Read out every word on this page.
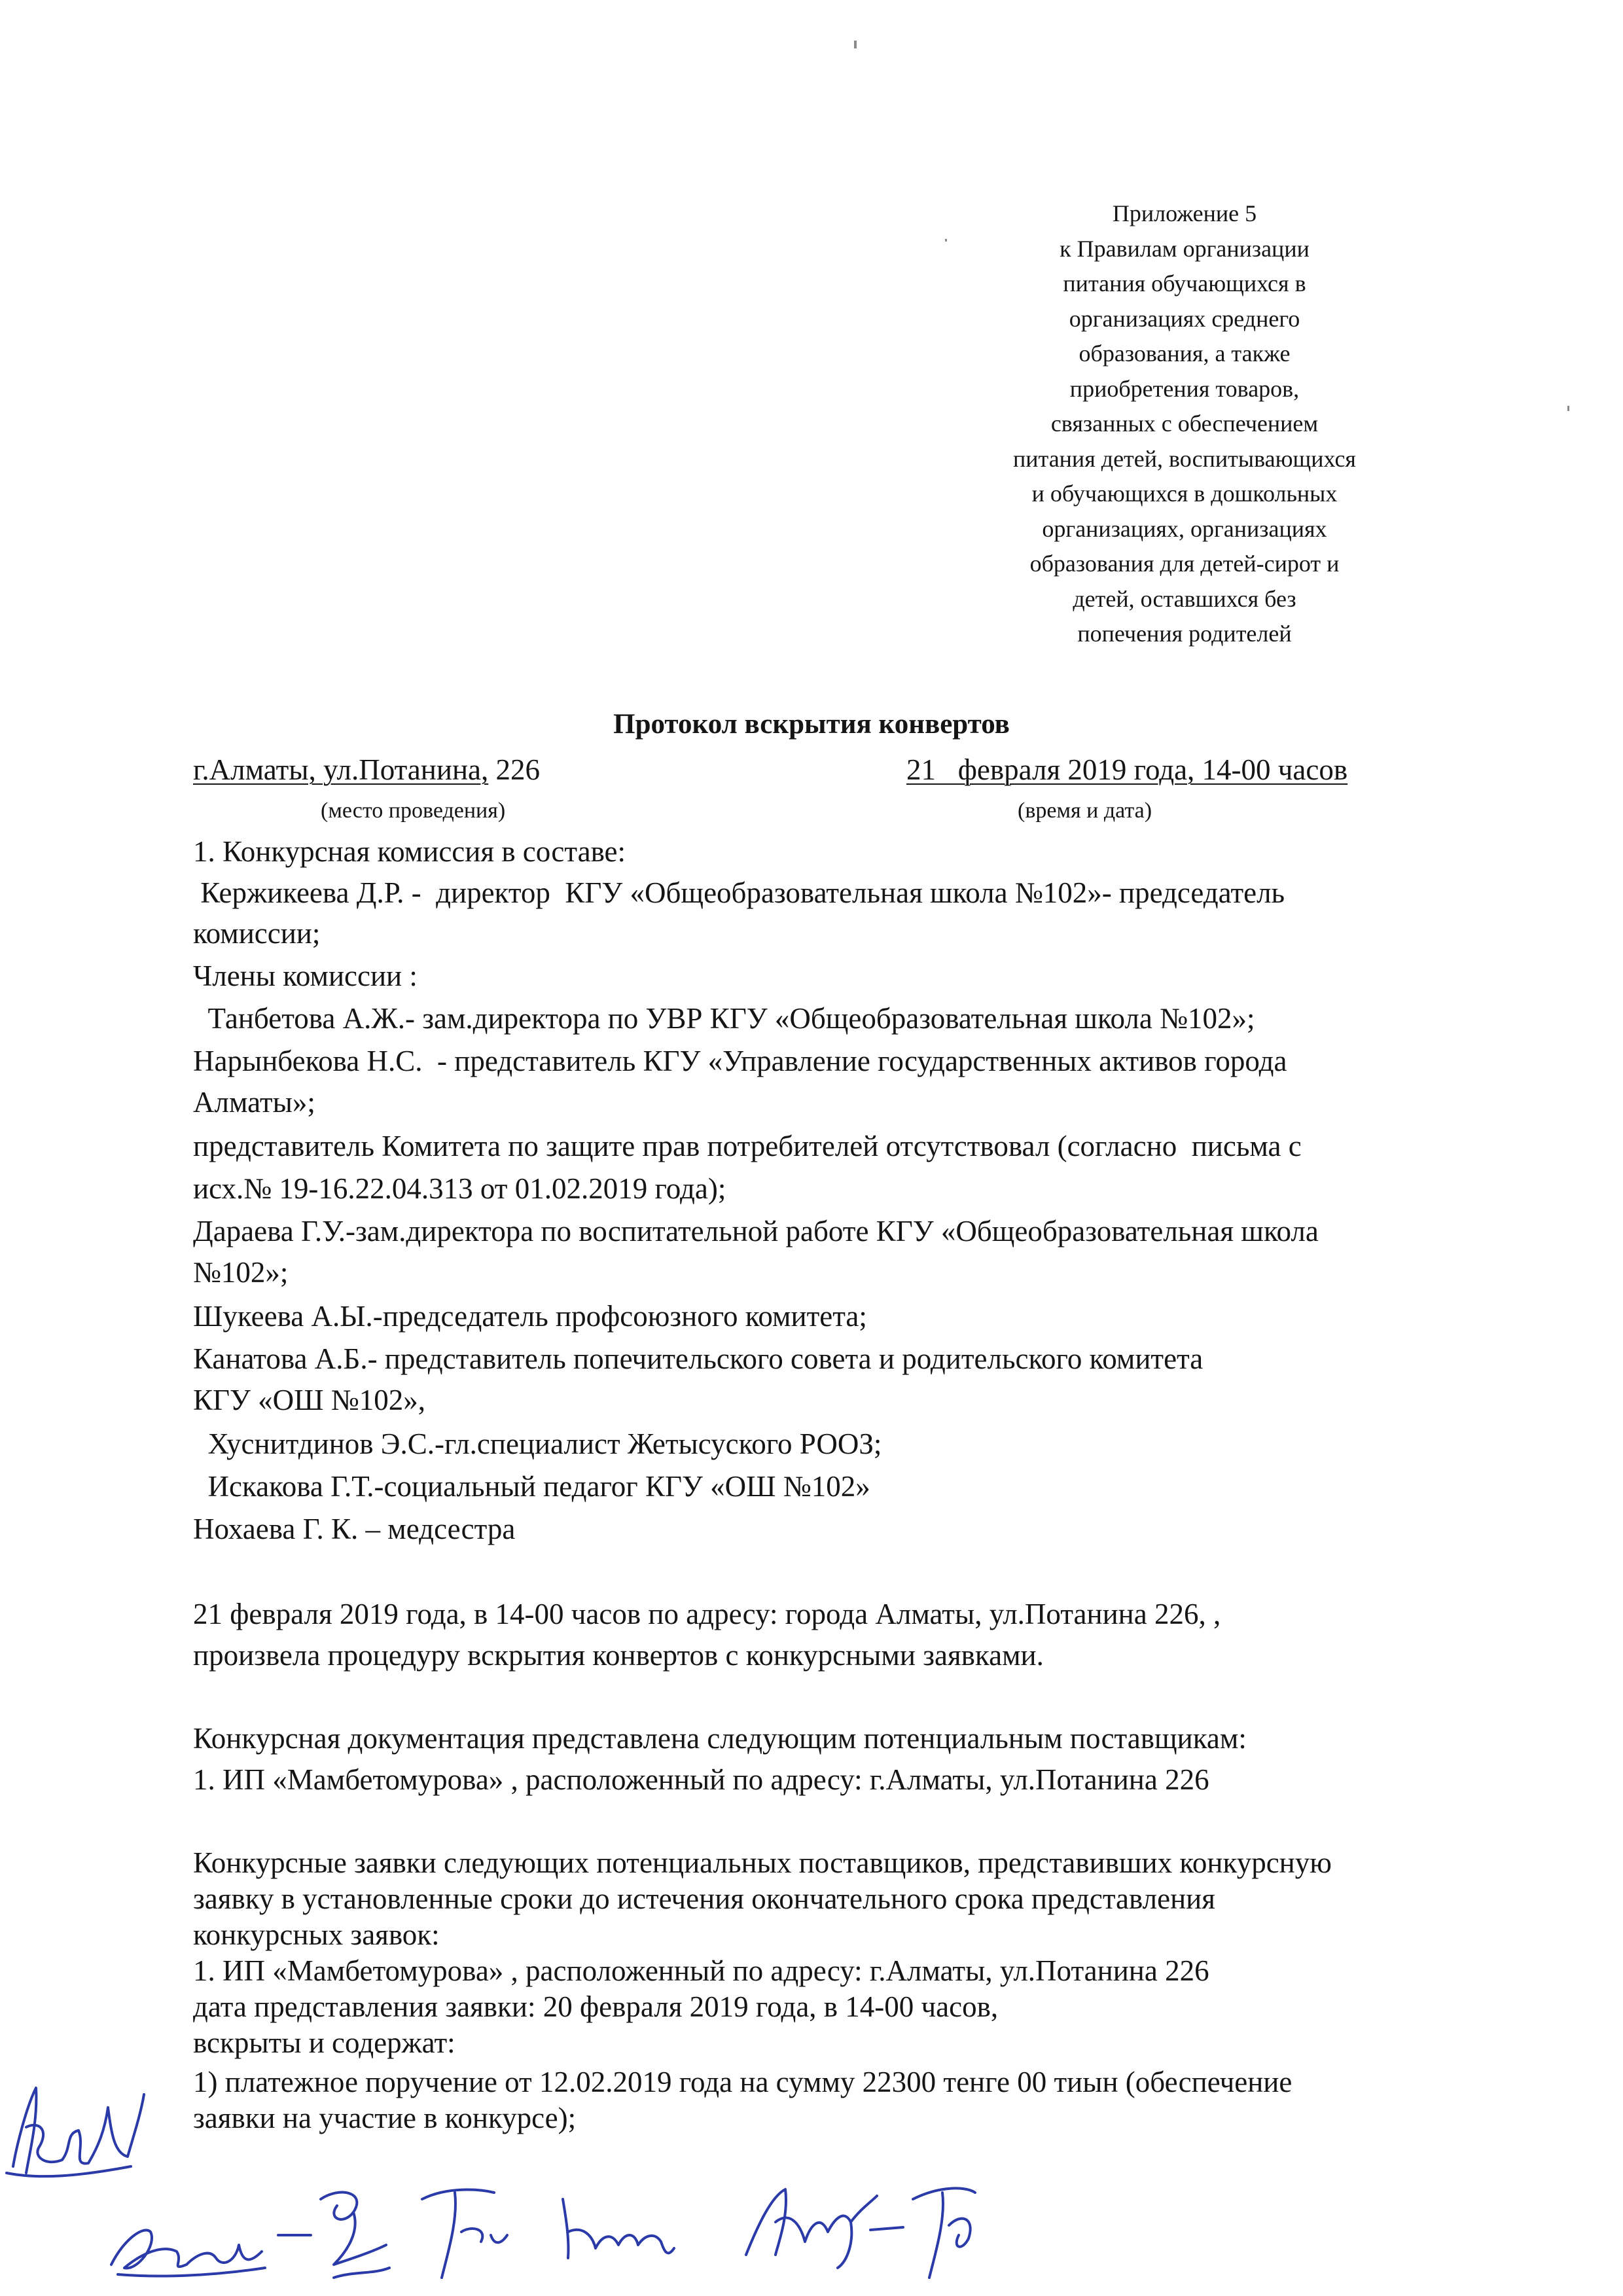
Приложение 5
к Правилам организации
питания обучающихся в
организациях среднего
образования, а также
приобретения товаров,
связанных с обеспечением
питания детей, воспитывающихся
и обучающихся в дошкольных
организациях, организациях
образования для детей-сирот и
детей, оставшихся без
попечения родителей
Протокол вскрытия конвертов
г.Алматы, ул.Потанина, 226
(место проведения)
21   февраля 2019 года, 14-00 часов
(время и дата)
1. Конкурсная комиссия в составе:
Кержикеева Д.Р. -  директор  КГУ «Общеобразовательная школа №102»- председатель
комиссии;
Члены комиссии :
Танбетова А.Ж.- зам.директора по УВР КГУ «Общеобразовательная школа №102»;
Нарынбекова Н.С.  - представитель КГУ «Управление государственных активов города
Алматы»;
представитель Комитета по защите прав потребителей отсутствовал (согласно  письма с
исх.№ 19-16.22.04.313 от 01.02.2019 года);
Дараева Г.У.-зам.директора по воспитательной работе КГУ «Общеобразовательная школа
№102»;
Шукеева А.Ы.-председатель профсоюзного комитета;
Канатова А.Б.- представитель попечительского совета и родительского комитета
КГУ «ОШ №102»,
Хуснитдинов Э.С.-гл.специалист Жетысуского РООЗ;
Искакова Г.Т.-социальный педагог КГУ «ОШ №102»
Нохаева Г. К. – медсестра
21 февраля 2019 года, в 14-00 часов по адресу: города Алматы, ул.Потанина 226, ,
произвела процедуру вскрытия конвертов с конкурсными заявками.
Конкурсная документация представлена следующим потенциальным поставщикам:
1. ИП «Мамбетомурова» , расположенный по адресу: г.Алматы, ул.Потанина 226
Конкурсные заявки следующих потенциальных поставщиков, представивших конкурсную
заявку в установленные сроки до истечения окончательного срока представления
конкурсных заявок:
1. ИП «Мамбетомурова» , расположенный по адресу: г.Алматы, ул.Потанина 226
дата представления заявки: 20 февраля 2019 года, в 14-00 часов,
вскрыты и содержат:
1) платежное поручение от 12.02.2019 года на сумму 22300 тенге 00 тиын (обеспечение
заявки на участие в конкурсе);
